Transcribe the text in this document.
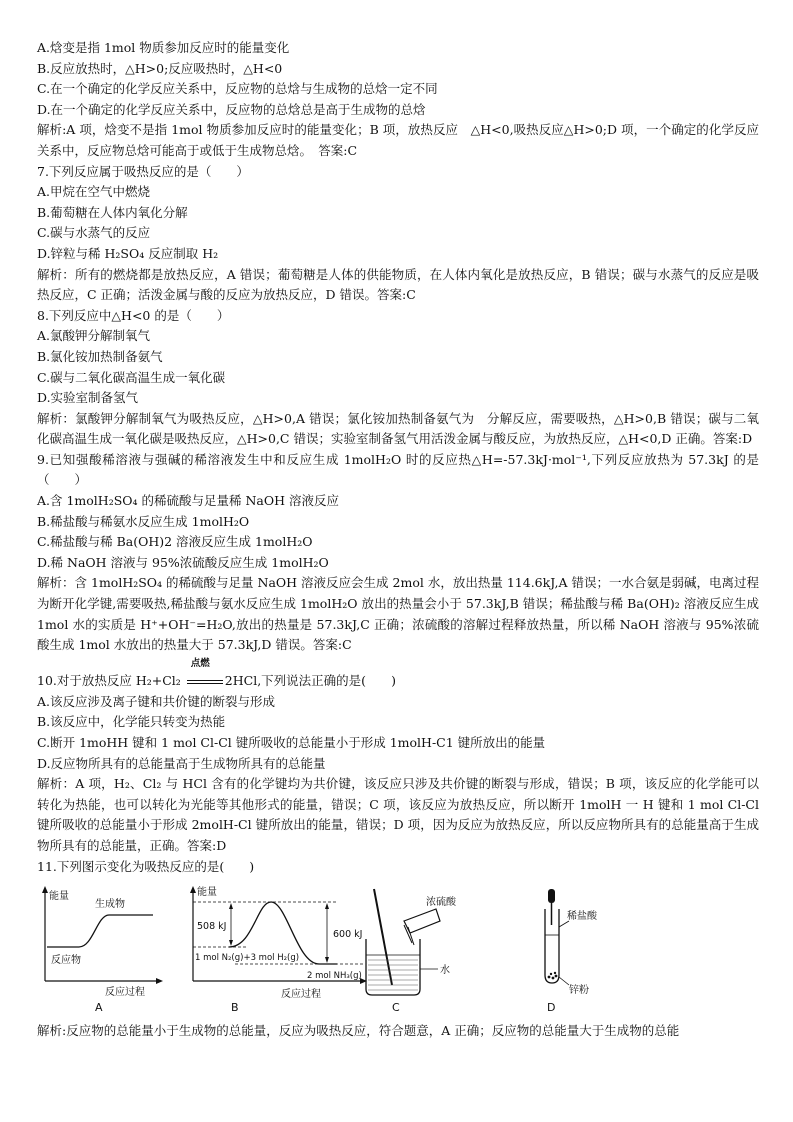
A.焓变是指 1mol 物质参加反应时的能量变化
B.反应放热时，△H>0;反应吸热时，△H<0
C.在一个确定的化学反应关系中，反应物的总焓与生成物的总焓一定不同
D.在一个确定的化学反应关系中，反应物的总焓总是高于生成物的总焓
解析:A 项，焓变不是指 1mol 物质参加反应时的能量变化；B 项，放热反应　△H<0,吸热反应△H>0;D 项，一个确定的化学反应关系中，反应物总焓可能高于或低于生成物总焓。　答案:C
7.下列反应属于吸热反应的是（　　）
A.甲烷在空气中燃烧
B.葡萄糖在人体内氧化分解
C.碳与水蒸气的反应
D.锌粒与稀 H₂SO₄ 反应制取 H₂
解析：所有的燃烧都是放热反应，A 错误；葡萄糖是人体的供能物质，在人体内氧化是放热反应，B 错误；碳与水蒸气的反应是吸热反应，C 正确；活泼金属与酸的反应为放热反应，D 错误。答案:C
8.下列反应中△H<0 的是（　　）
A.氯酸钾分解制氧气
B.氯化铵加热制备氨气
C.碳与二氧化碳高温生成一氧化碳
D.实验室制备氢气
解析：氯酸钾分解制氧气为吸热反应，△H>0,A 错误；氯化铵加热制备氨气为　分解反应，需要吸热，△H>0,B 错误；碳与二氧化碳高温生成一氧化碳是吸热反应，△H>0,C 错误；实验室制备氢气用活泼金属与酸反应，为放热反应，△H<0,D 正确。答案:D
9.已知强酸稀溶液与强碱的稀溶液发生中和反应生成 1molH₂O 时的反应热△H=-57.3kJ·mol⁻¹,下列反应放热为 57.3kJ 的是（　　）
A.含 1molH₂SO₄ 的稀硫酸与足量稀 NaOH 溶液反应
B.稀盐酸与稀氨水反应生成 1molH₂O
C.稀盐酸与稀 Ba(OH)2 溶液反应生成 1molH₂O
D.稀 NaOH 溶液与 95%浓硫酸反应生成 1molH₂O
解析：含 1molH₂SO₄ 的稀硫酸与足量 NaOH 溶液反应会生成 2mol 水，放出热量 114.6kJ,A 错误；一水合氨是弱碱，电离过程为断开化学键,需要吸热,稀盐酸与氨水反应生成 1molH₂O 放出的热量会小于 57.3kJ,B 错误；稀盐酸与稀 Ba(OH)₂ 溶液反应生成 1mol 水的实质是 H⁺+OH⁻=H₂O,放出的热量是 57.3kJ,C 正确；浓硫酸的溶解过程释放热量，所以稀 NaOH 溶液与 95%浓硫酸生成 1mol 水放出的热量大于 57.3kJ,D 错误。答案:C
10.对于放热反应 H₂+Cl₂
点燃
2HCl,下列说法正确的是(　　)
A.该反应涉及离子键和共价键的断裂与形成
B.该反应中，化学能只转变为热能
C.断开 1moHH 键和 1 mol Cl-Cl 键所吸收的总能量小于形成 1molH-C1 键所放出的能量
D.反应物所具有的总能量高于生成物所具有的总能量
解析：A 项，H₂、Cl₂ 与 HCl 含有的化学键均为共价键，该反应只涉及共价键的断裂与形成，错误；B 项，该反应的化学能可以转化为热能，也可以转化为光能等其他形式的能量，错误；C 项，该反应为放热反应，所以断开 1molH 一 H 键和 1 mol Cl-Cl 键所吸收的总能量小于形成 2molH-Cl 键所放出的能量，错误；D 项，因为反应为放热反应，所以反应物所具有的总能量高于生成物所具有的总能量，正确。答案:D
11.下列图示变化为吸热反应的是(　　)
能量
生成物
反应物
反应过程
A
能量
508 kJ
600 kJ
1 mol N₂(g)+3 mol H₂(g)
2 mol NH₃(g)
反应过程
B
浓硫酸
水
C
稀盐酸
锌粉
D
解析:反应物的总能量小于生成物的总能量，反应为吸热反应，符合题意，A 正确；反应物的总能量大于生成物的总能
